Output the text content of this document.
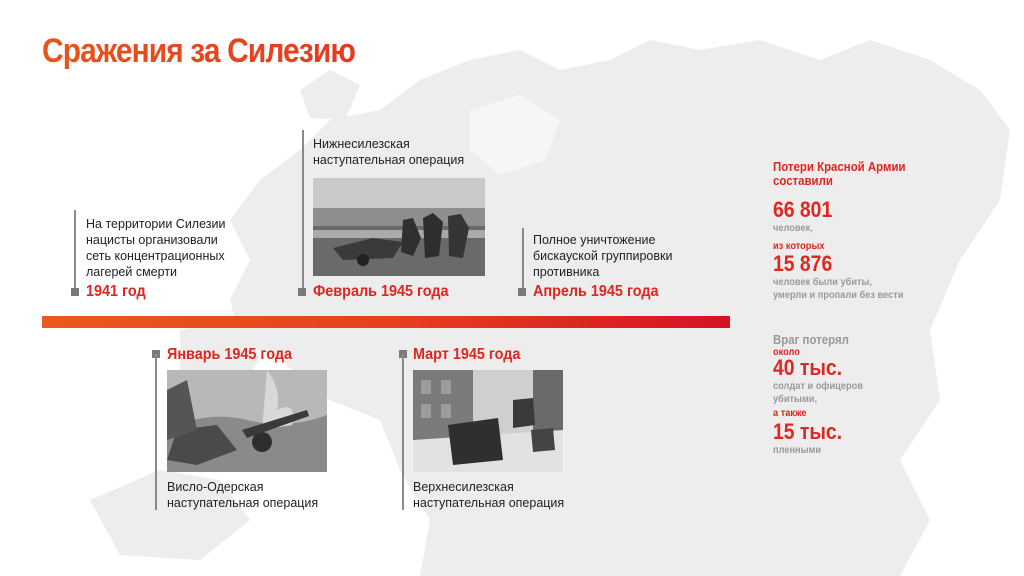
Сражения за Силезию
На территории Силезии
нацисты организовали
сеть концентрационных
лагерей смерти
1941 год
Нижнесилезская
наступательная операция
Февраль 1945 года
Полное уничтожение
бискауской группировки
противника
Апрель 1945 года
Январь 1945 года
Висло-Одерская
наступательная операция
Март 1945 года
Верхнесилезская
наступательная операция
Потери Красной Армии
составили
66 801
человек,
из которых
15 876
человек были убиты,
умерли и пропали без вести
Враг потерял
около
40 тыс.
солдат и офицеров
убитыми,
а также
15 тыс.
пленными
